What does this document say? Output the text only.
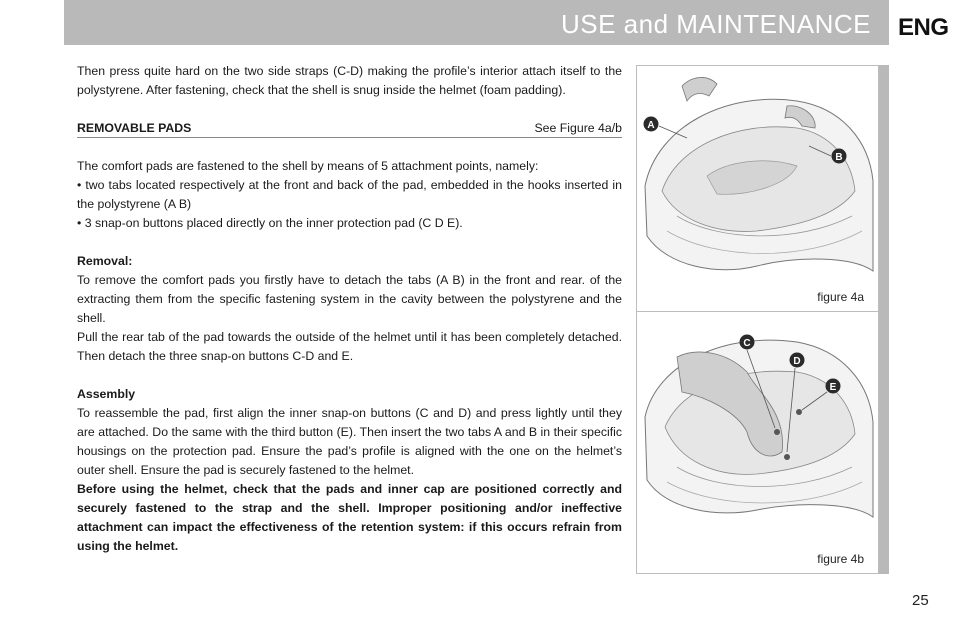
USE and MAINTENANCE ENG

Then press quite hard on the two side straps (C-D) making the profile’s interior attach itself to the polystyrene. After fastening, check that the shell is snug inside the helmet (foam padding).

REMOVABLE PADS	See Figure 4a/b

The comfort pads are fastened to the shell by means of 5 attachment points, namely:

• two tabs located respectively at the front and back of the pad, embedded in the hooks inserted in the polystyrene (A B)

• 3 snap-on buttons placed directly on the inner protection pad (C D E).

Removal:

To remove the comfort pads you firstly have to detach the tabs (A B) in the front and rear. of the extracting them from the specific fastening system in the cavity between the polystyrene and the shell.

Pull the rear tab of the pad towards the outside of the helmet until it has been completely detached. Then detach the three snap-on buttons C-D and E.

Assembly

To reassemble the pad, first align the inner snap-on buttons (C and D) and press lightly until they are attached. Do the same with the third button (E). Then insert the two tabs A and B in their specific housings on the protection pad. Ensure the pad’s profile is aligned with the one on the helmet’s outer shell. Ensure the pad is securely fastened to the helmet.

Before using the helmet, check that the pads and inner cap are positioned correctly and securely fastened to the strap and the shell. Improper positioning and/or ineffective attachment can impact the effectiveness of the retention system: if this occurs refrain from using the helmet.

A
B
figure 4a
C
D
E
figure 4b
25
